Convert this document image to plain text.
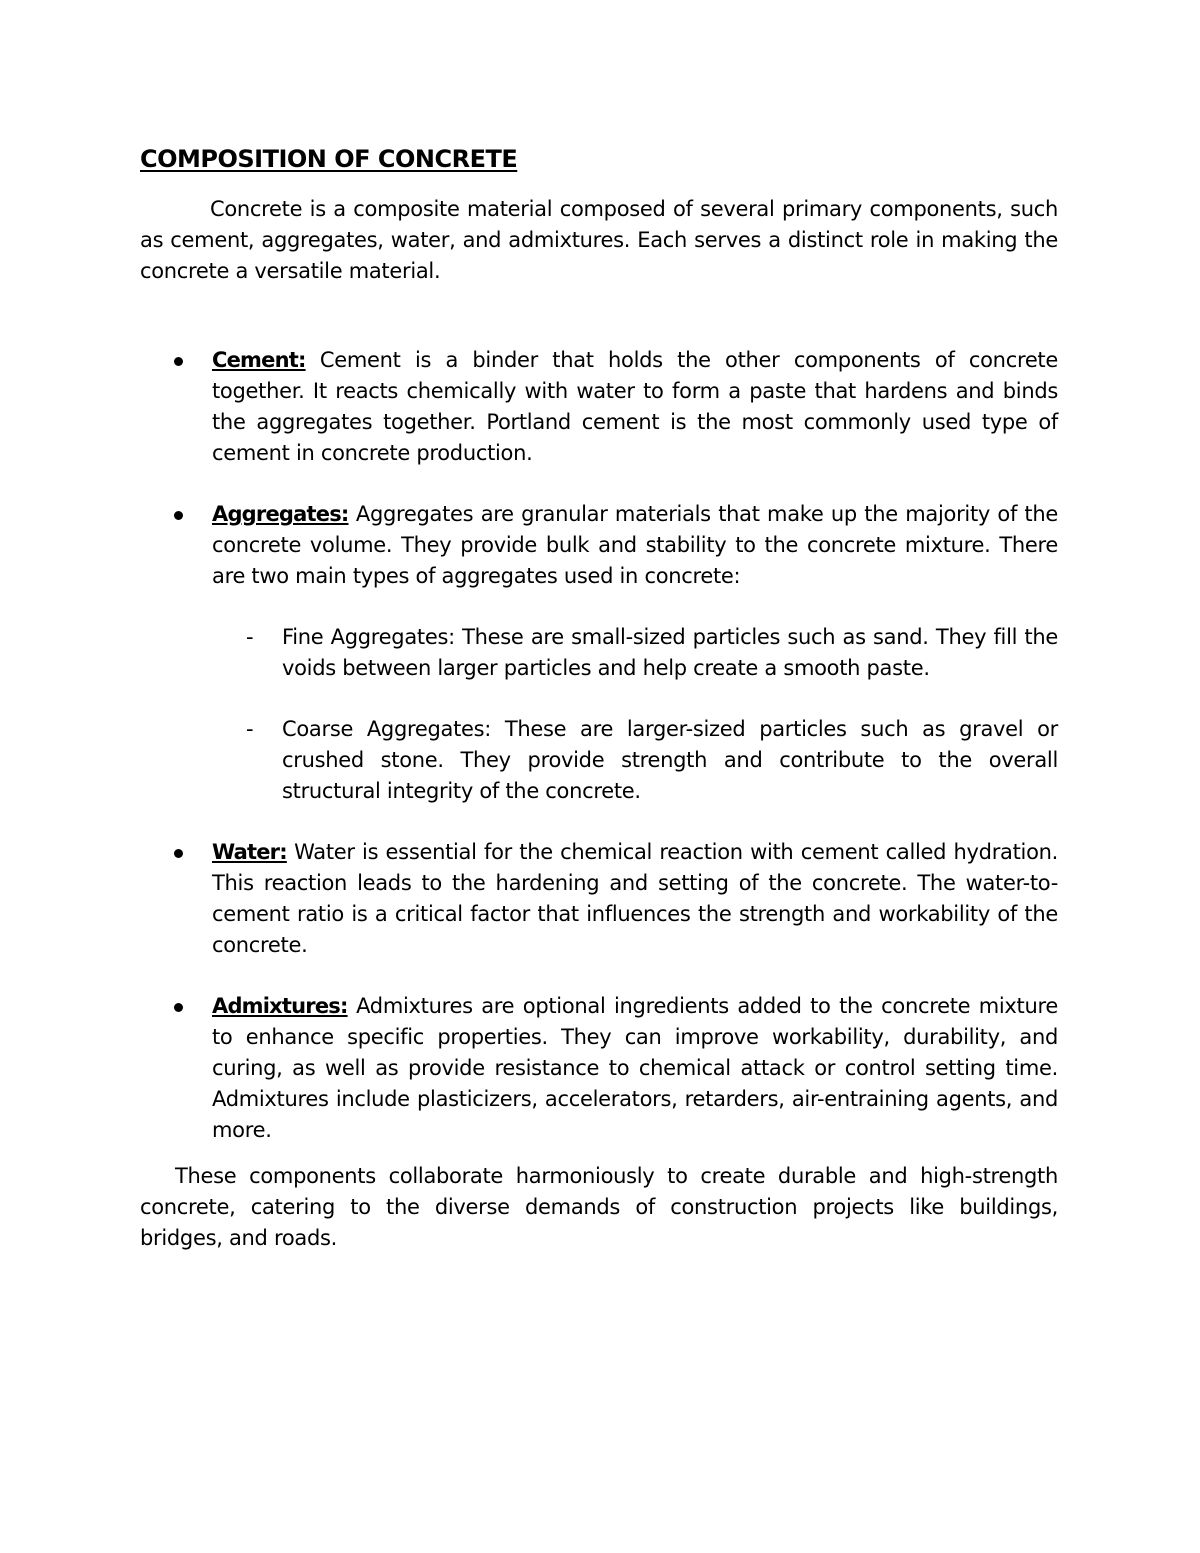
COMPOSITION OF CONCRETE

Concrete is a composite material composed of several primary components, such as cement, aggregates, water, and admixtures. Each serves a distinct role in making the concrete a versatile material.

Cement: Cement is a binder that holds the other components of concrete together. It reacts chemically with water to form a paste that hardens and binds the aggregates together. Portland cement is the most commonly used type of cement in concrete production.
Aggregates: Aggregates are granular materials that make up the majority of the concrete volume. They provide bulk and stability to the concrete mixture. There are two main types of aggregates used in concrete:
- Fine Aggregates: These are small-sized particles such as sand. They fill the voids between larger particles and help create a smooth paste.
- Coarse Aggregates: These are larger-sized particles such as gravel or crushed stone. They provide strength and contribute to the overall structural integrity of the concrete.
Water: Water is essential for the chemical reaction with cement called hydration. This reaction leads to the hardening and setting of the concrete. The water-to-cement ratio is a critical factor that influences the strength and workability of the concrete.
Admixtures: Admixtures are optional ingredients added to the concrete mixture to enhance specific properties. They can improve workability, durability, and curing, as well as provide resistance to chemical attack or control setting time. Admixtures include plasticizers, accelerators, retarders, air-entraining agents, and more.

These components collaborate harmoniously to create durable and high-strength concrete, catering to the diverse demands of construction projects like buildings, bridges, and roads.
